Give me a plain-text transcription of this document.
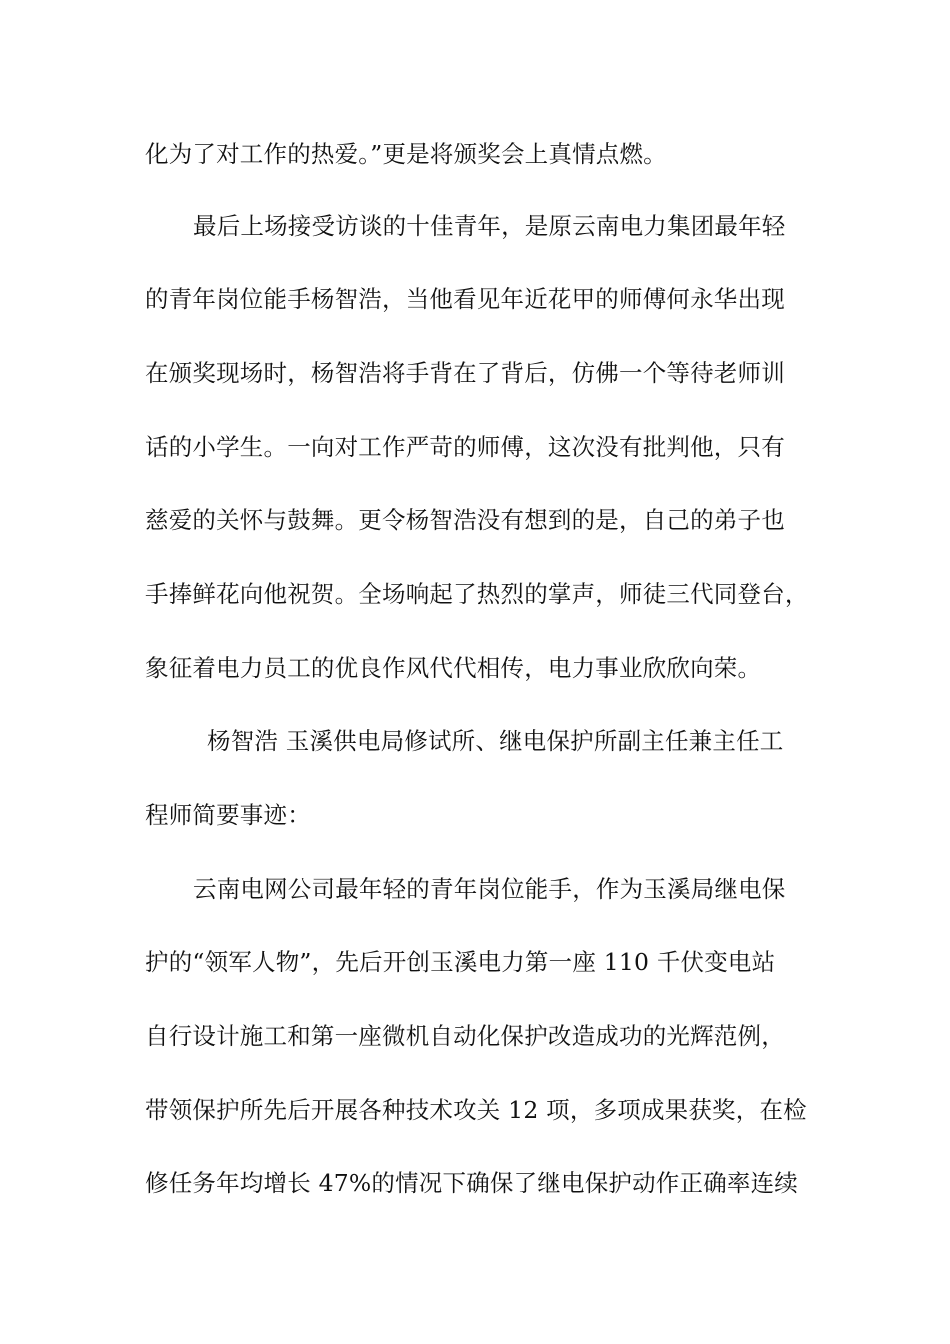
化为了对工作的热爱。”更是将颁奖会上真情点燃。
最后上场接受访谈的十佳青年，是原云南电力集团最年轻
的青年岗位能手杨智浩，当他看见年近花甲的师傅何永华出现
在颁奖现场时，杨智浩将手背在了背后，仿佛一个等待老师训
话的小学生。一向对工作严苛的师傅，这次没有批判他，只有
慈爱的关怀与鼓舞。更令杨智浩没有想到的是，自己的弟子也
手捧鲜花向他祝贺。全场响起了热烈的掌声，师徒三代同登台，
象征着电力员工的优良作风代代相传，电力事业欣欣向荣。
杨智浩 玉溪供电局修试所、继电保护所副主任兼主任工
程师简要事迹：
云南电网公司最年轻的青年岗位能手，作为玉溪局继电保
护的“领军人物”，先后开创玉溪电力第一座 110 千伏变电站
自行设计施工和第一座微机自动化保护改造成功的光辉范例，
带领保护所先后开展各种技术攻关 12 项，多项成果获奖，在检
修任务年均增长 47%的情况下确保了继电保护动作正确率连续
